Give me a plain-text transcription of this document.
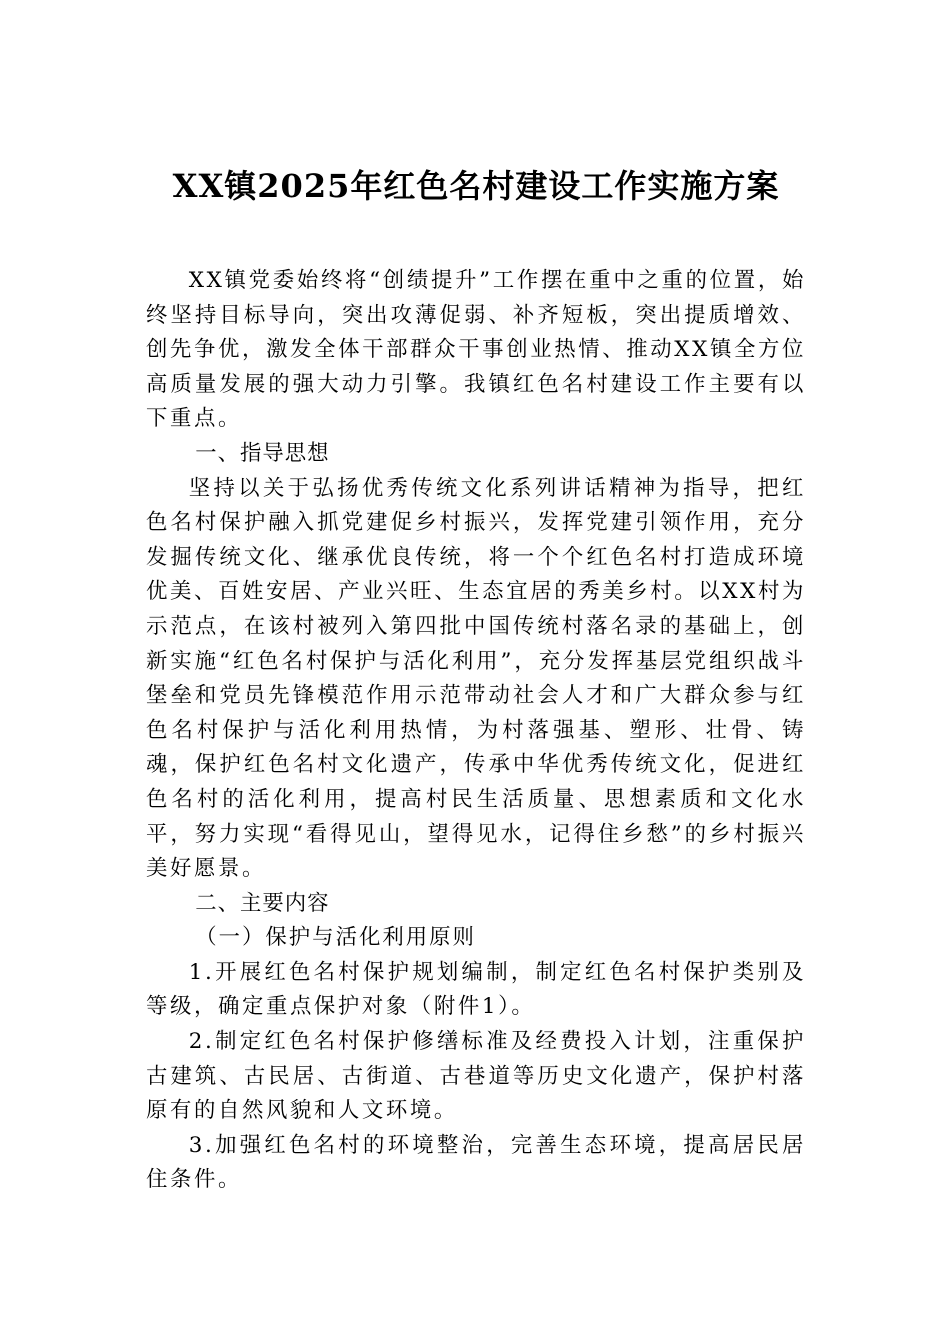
XX镇2025年红色名村建设工作实施方案

XX镇党委始终将“创绩提升”工作摆在重中之重的位置，始终坚持目标导向，突出攻薄促弱、补齐短板，突出提质增效、创先争优，激发全体干部群众干事创业热情、推动XX镇全方位高质量发展的强大动力引擎。我镇红色名村建设工作主要有以下重点。

一、指导思想

坚持以关于弘扬优秀传统文化系列讲话精神为指导，把红色名村保护融入抓党建促乡村振兴，发挥党建引领作用，充分发掘传统文化、继承优良传统，将一个个红色名村打造成环境优美、百姓安居、产业兴旺、生态宜居的秀美乡村。以XX村为示范点，在该村被列入第四批中国传统村落名录的基础上，创新实施“红色名村保护与活化利用”，充分发挥基层党组织战斗堡垒和党员先锋模范作用示范带动社会人才和广大群众参与红色名村保护与活化利用热情，为村落强基、塑形、壮骨、铸魂，保护红色名村文化遗产，传承中华优秀传统文化，促进红色名村的活化利用，提高村民生活质量、思想素质和文化水平，努力实现“看得见山，望得见水，记得住乡愁”的乡村振兴美好愿景。

二、主要内容

（一）保护与活化利用原则

1.开展红色名村保护规划编制，制定红色名村保护类别及等级，确定重点保护对象（附件1）。

2.制定红色名村保护修缮标准及经费投入计划，注重保护古建筑、古民居、古街道、古巷道等历史文化遗产，保护村落原有的自然风貌和人文环境。

3.加强红色名村的环境整治，完善生态环境，提高居民居住条件。
